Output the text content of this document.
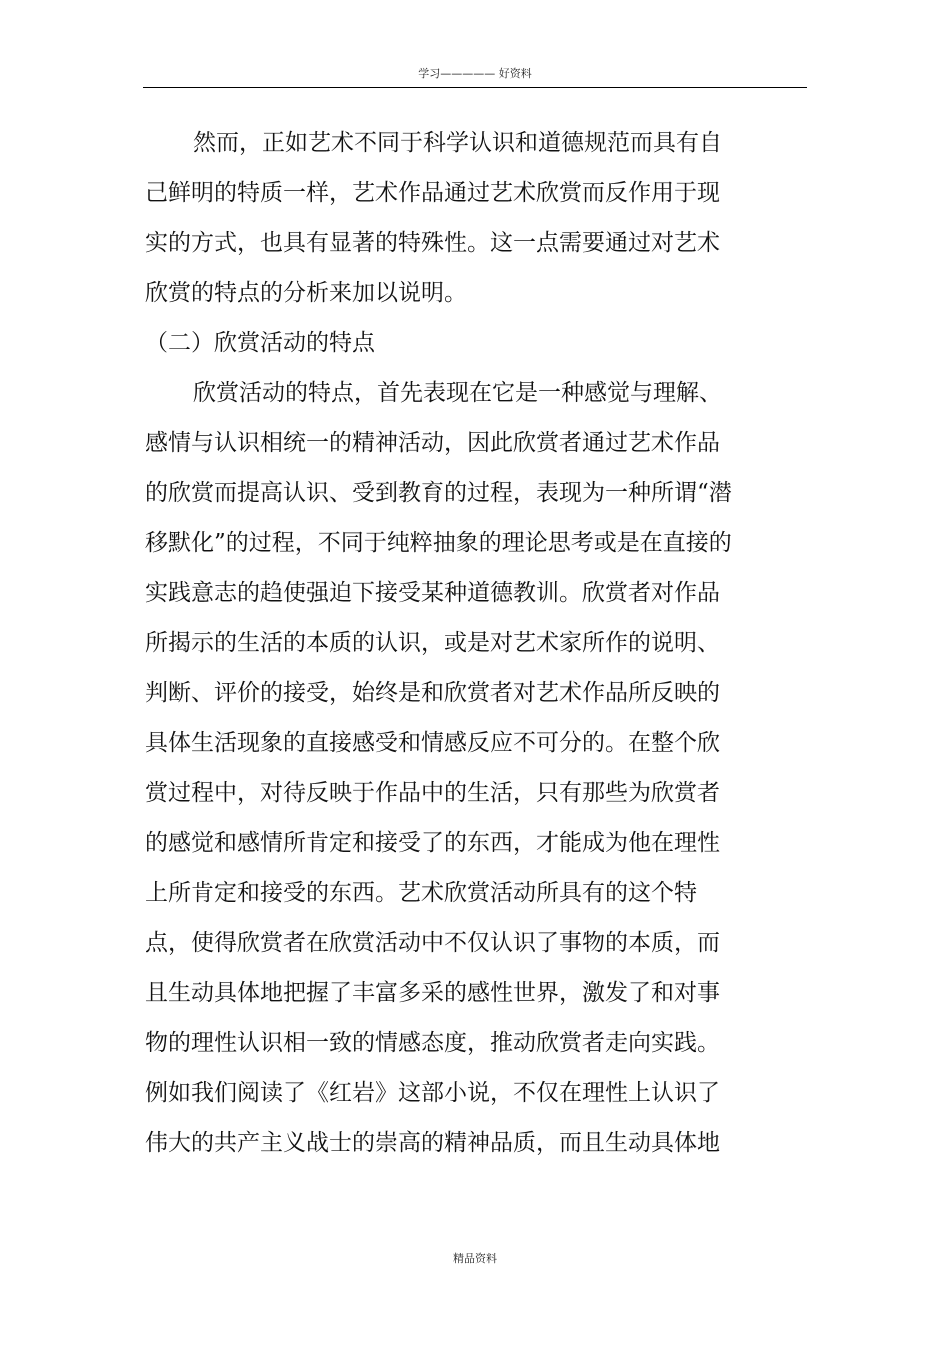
学习————— 好资料
然而，正如艺术不同于科学认识和道德规范而具有自
己鲜明的特质一样，艺术作品通过艺术欣赏而反作用于现
实的方式，也具有显著的特殊性。这一点需要通过对艺术
欣赏的特点的分析来加以说明。
（二）欣赏活动的特点
欣赏活动的特点，首先表现在它是一种感觉与理解、
感情与认识相统一的精神活动，因此欣赏者通过艺术作品
的欣赏而提高认识、受到教育的过程，表现为一种所谓“潜
移默化”的过程，不同于纯粹抽象的理论思考或是在直接的
实践意志的趋使强迫下接受某种道德教训。欣赏者对作品
所揭示的生活的本质的认识，或是对艺术家所作的说明、
判断、评价的接受，始终是和欣赏者对艺术作品所反映的
具体生活现象的直接感受和情感反应不可分的。在整个欣
赏过程中，对待反映于作品中的生活，只有那些为欣赏者
的感觉和感情所肯定和接受了的东西，才能成为他在理性
上所肯定和接受的东西。艺术欣赏活动所具有的这个特
点，使得欣赏者在欣赏活动中不仅认识了事物的本质，而
且生动具体地把握了丰富多采的感性世界，激发了和对事
物的理性认识相一致的情感态度，推动欣赏者走向实践。
例如我们阅读了《红岩》这部小说，不仅在理性上认识了
伟大的共产主义战士的崇高的精神品质，而且生动具体地
精品资料
